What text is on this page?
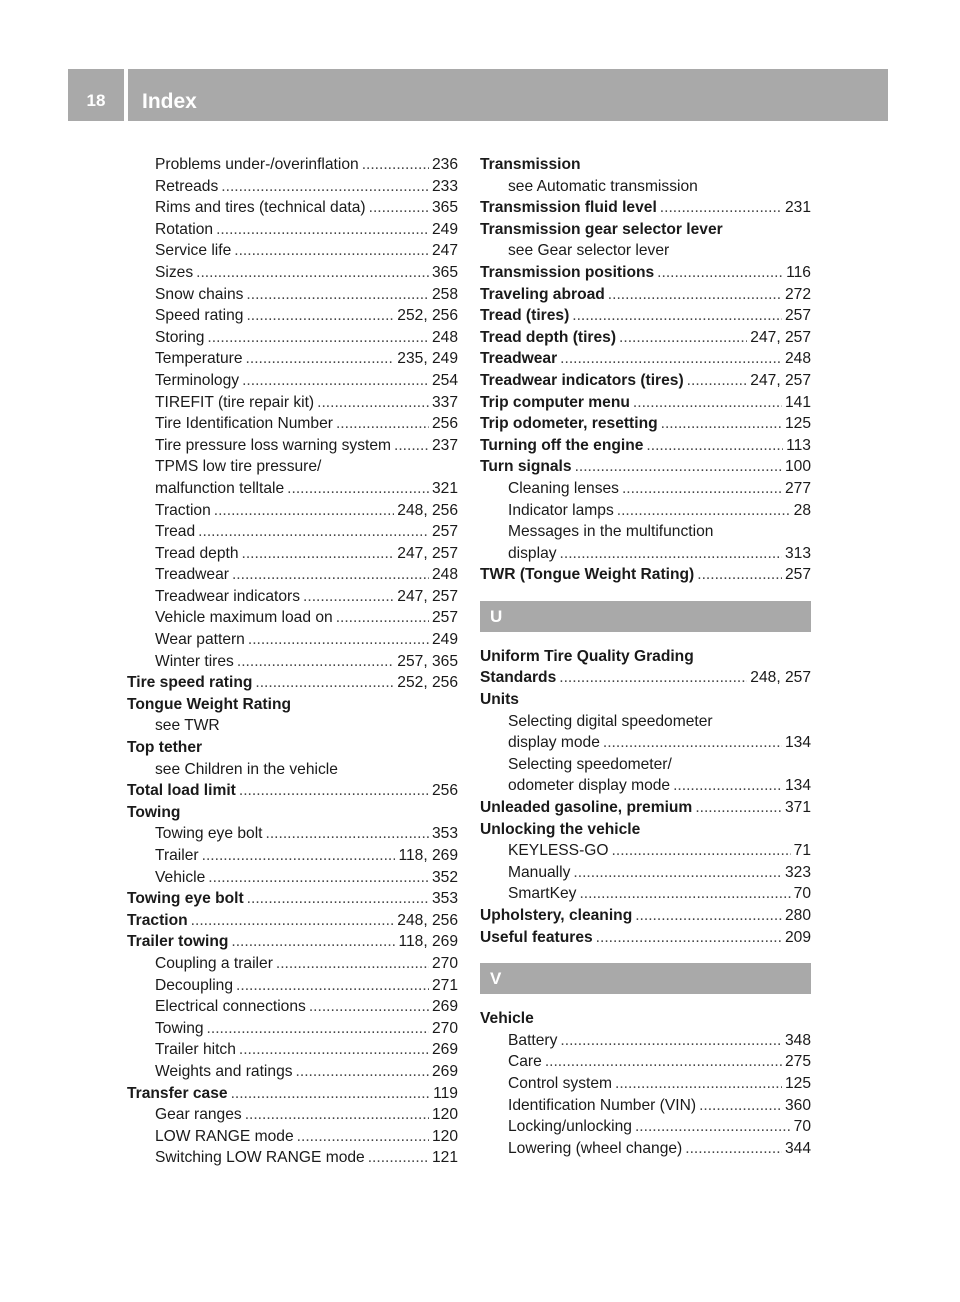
18	Index
Problems under-/overinflation .....	236
Retreads .....	233
Rims and tires (technical data) .....	365
Rotation .....	249
Service life .....	247
Sizes .....	365
Snow chains .....	258
Speed rating .....	252, 256
Storing .....	248
Temperature .....	235, 249
Terminology .....	254
TIREFIT (tire repair kit) .....	337
Tire Identification Number .....	256
Tire pressure loss warning system .....	237
TPMS low tire pressure/
malfunction telltale .....	321
Traction .....	248, 256
Tread .....	257
Tread depth .....	247, 257
Treadwear .....	248
Treadwear indicators .....	247, 257
Vehicle maximum load on .....	257
Wear pattern .....	249
Winter tires .....	257, 365
Tire speed rating .....	252, 256
Tongue Weight Rating
see TWR
Top tether
see Children in the vehicle
Total load limit .....	256
Towing
Towing eye bolt .....	353
Trailer .....	118, 269
Vehicle .....	352
Towing eye bolt .....	353
Traction .....	248, 256
Trailer towing .....	118, 269
Coupling a trailer .....	270
Decoupling .....	271
Electrical connections .....	269
Towing .....	270
Trailer hitch .....	269
Weights and ratings .....	269
Transfer case .....	119
Gear ranges .....	120
LOW RANGE mode .....	120
Switching LOW RANGE mode .....	121
Transmission
see Automatic transmission
Transmission fluid level .....	231
Transmission gear selector lever
see Gear selector lever
Transmission positions .....	116
Traveling abroad .....	272
Tread (tires) .....	257
Tread depth (tires) .....	247, 257
Treadwear .....	248
Treadwear indicators (tires) .....	247, 257
Trip computer menu .....	141
Trip odometer, resetting .....	125
Turning off the engine .....	113
Turn signals .....	100
Cleaning lenses .....	277
Indicator lamps .....	28
Messages in the multifunction
display .....	313
TWR (Tongue Weight Rating) .....	257
U
Uniform Tire Quality Grading
Standards .....	248, 257
Units
Selecting digital speedometer
display mode .....	134
Selecting speedometer/
odometer display mode .....	134
Unleaded gasoline, premium .....	371
Unlocking the vehicle
KEYLESS-GO .....	71
Manually .....	323
SmartKey .....	70
Upholstery, cleaning .....	280
Useful features .....	209
V
Vehicle
Battery .....	348
Care .....	275
Control system .....	125
Identification Number (VIN) .....	360
Locking/unlocking .....	70
Lowering (wheel change) .....	344
